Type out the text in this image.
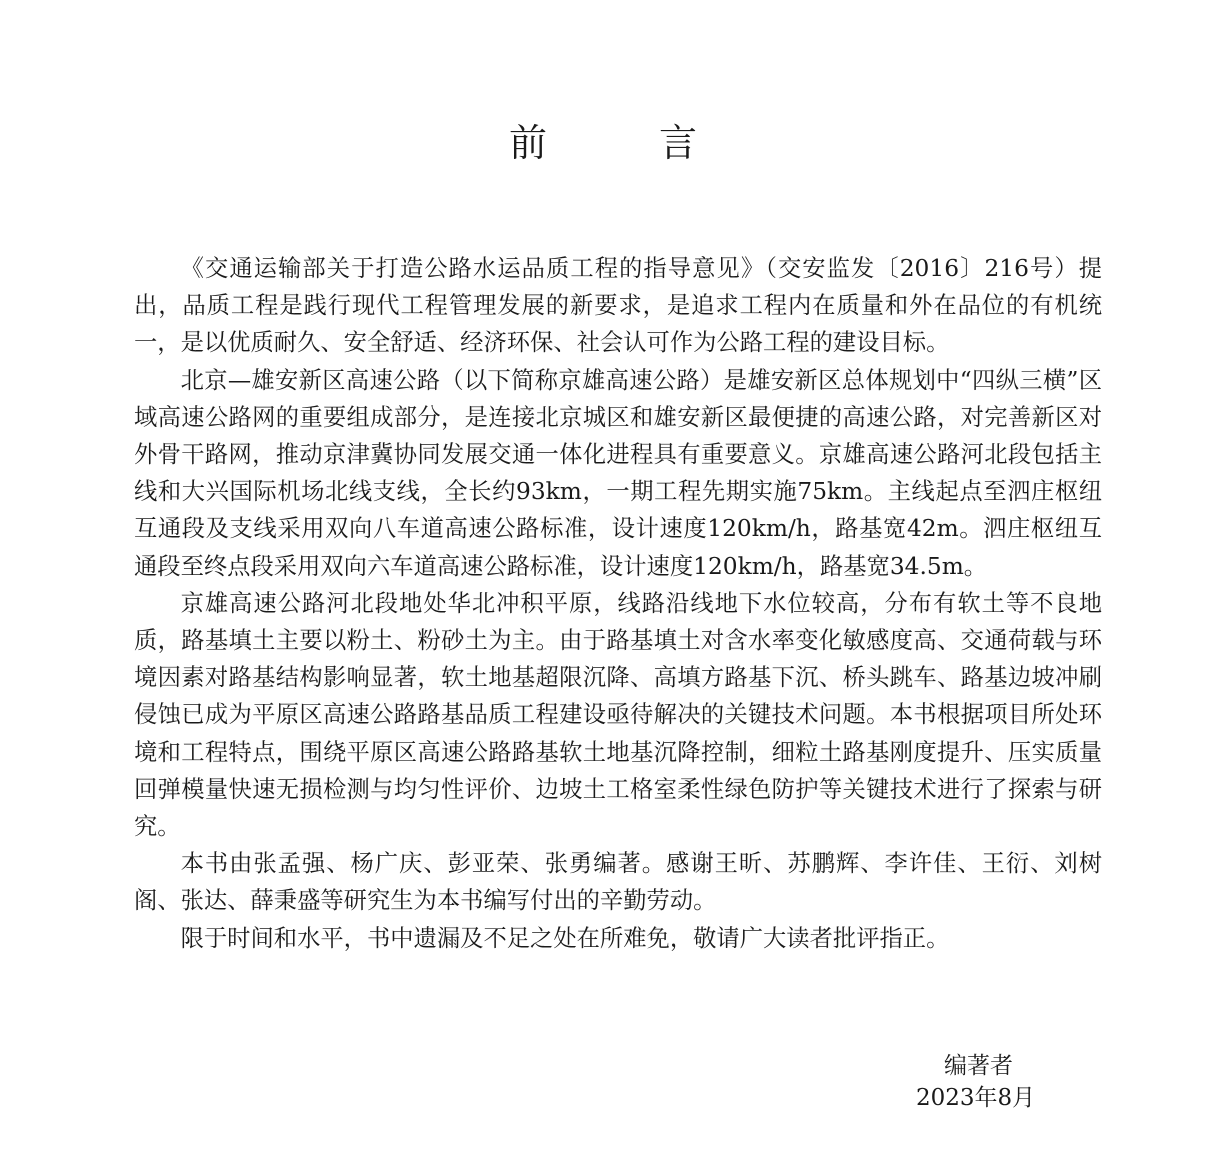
前 言

《交通运输部关于打造公路水运品质工程的指导意见》（交安监发〔2016〕216号）提出，品质工程是践行现代工程管理发展的新要求，是追求工程内在质量和外在品位的有机统一，是以优质耐久、安全舒适、经济环保、社会认可作为公路工程的建设目标。

北京—雄安新区高速公路（以下简称京雄高速公路）是雄安新区总体规划中“四纵三横”区域高速公路网的重要组成部分，是连接北京城区和雄安新区最便捷的高速公路，对完善新区对外骨干路网，推动京津冀协同发展交通一体化进程具有重要意义。京雄高速公路河北段包括主线和大兴国际机场北线支线，全长约93km，一期工程先期实施75km。主线起点至泗庄枢纽互通段及支线采用双向八车道高速公路标准，设计速度120km/h，路基宽42m。泗庄枢纽互通段至终点段采用双向六车道高速公路标准，设计速度120km/h，路基宽34.5m。

京雄高速公路河北段地处华北冲积平原，线路沿线地下水位较高，分布有软土等不良地质，路基填土主要以粉土、粉砂土为主。由于路基填土对含水率变化敏感度高、交通荷载与环境因素对路基结构影响显著，软土地基超限沉降、高填方路基下沉、桥头跳车、路基边坡冲刷侵蚀已成为平原区高速公路路基品质工程建设亟待解决的关键技术问题。本书根据项目所处环境和工程特点，围绕平原区高速公路路基软土地基沉降控制，细粒土路基刚度提升、压实质量回弹模量快速无损检测与均匀性评价、边坡土工格室柔性绿色防护等关键技术进行了探索与研究。

本书由张孟强、杨广庆、彭亚荣、张勇编著。感谢王昕、苏鹏辉、李许佳、王衍、刘树阁、张达、薛秉盛等研究生为本书编写付出的辛勤劳动。

限于时间和水平，书中遗漏及不足之处在所难免，敬请广大读者批评指正。

编著者
2023年8月
